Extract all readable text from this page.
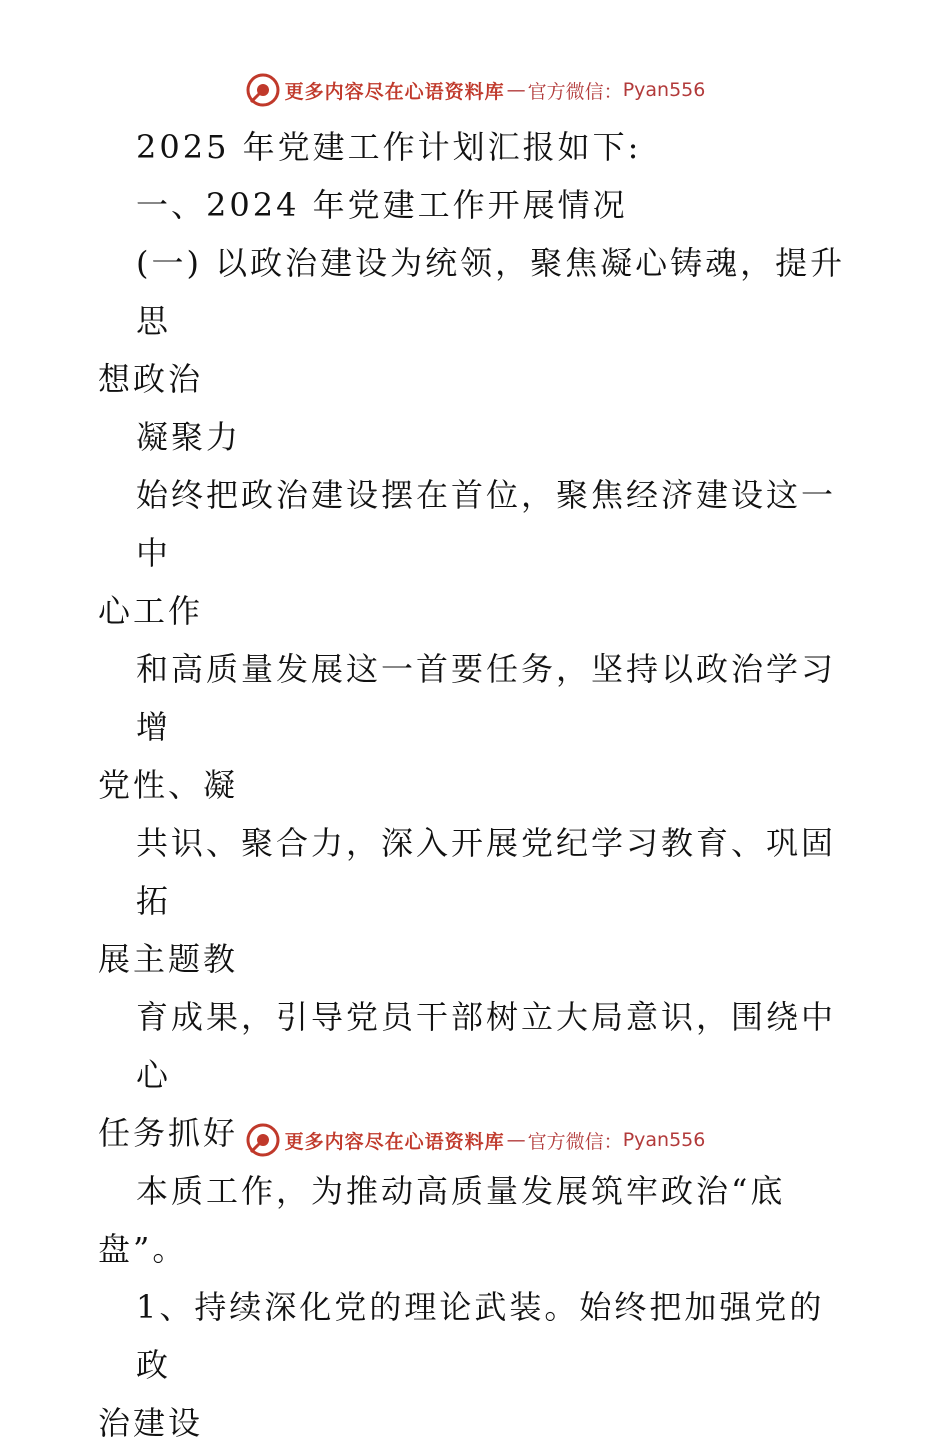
更多内容尽在心语资料库 — 官方微信： Pyan556

2025 年党建工作计划汇报如下:

一、2024 年党建工作开展情况

(一) 以政治建设为统领，聚焦凝心铸魂，提升思

想政治

凝聚力

始终把政治建设摆在首位，聚焦经济建设这一中

心工作

和高质量发展这一首要任务，坚持以政治学习增

党性、凝

共识、聚合力，深入开展党纪学习教育、巩固拓

展主题教

育成果，引导党员干部树立大局意识，围绕中心

任务抓好

本质工作，为推动高质量发展筑牢政治“底

盘”。

1、持续深化党的理论武装。始终把加强党的政

治建设

更多内容尽在心语资料库 — 官方微信： Pyan556
